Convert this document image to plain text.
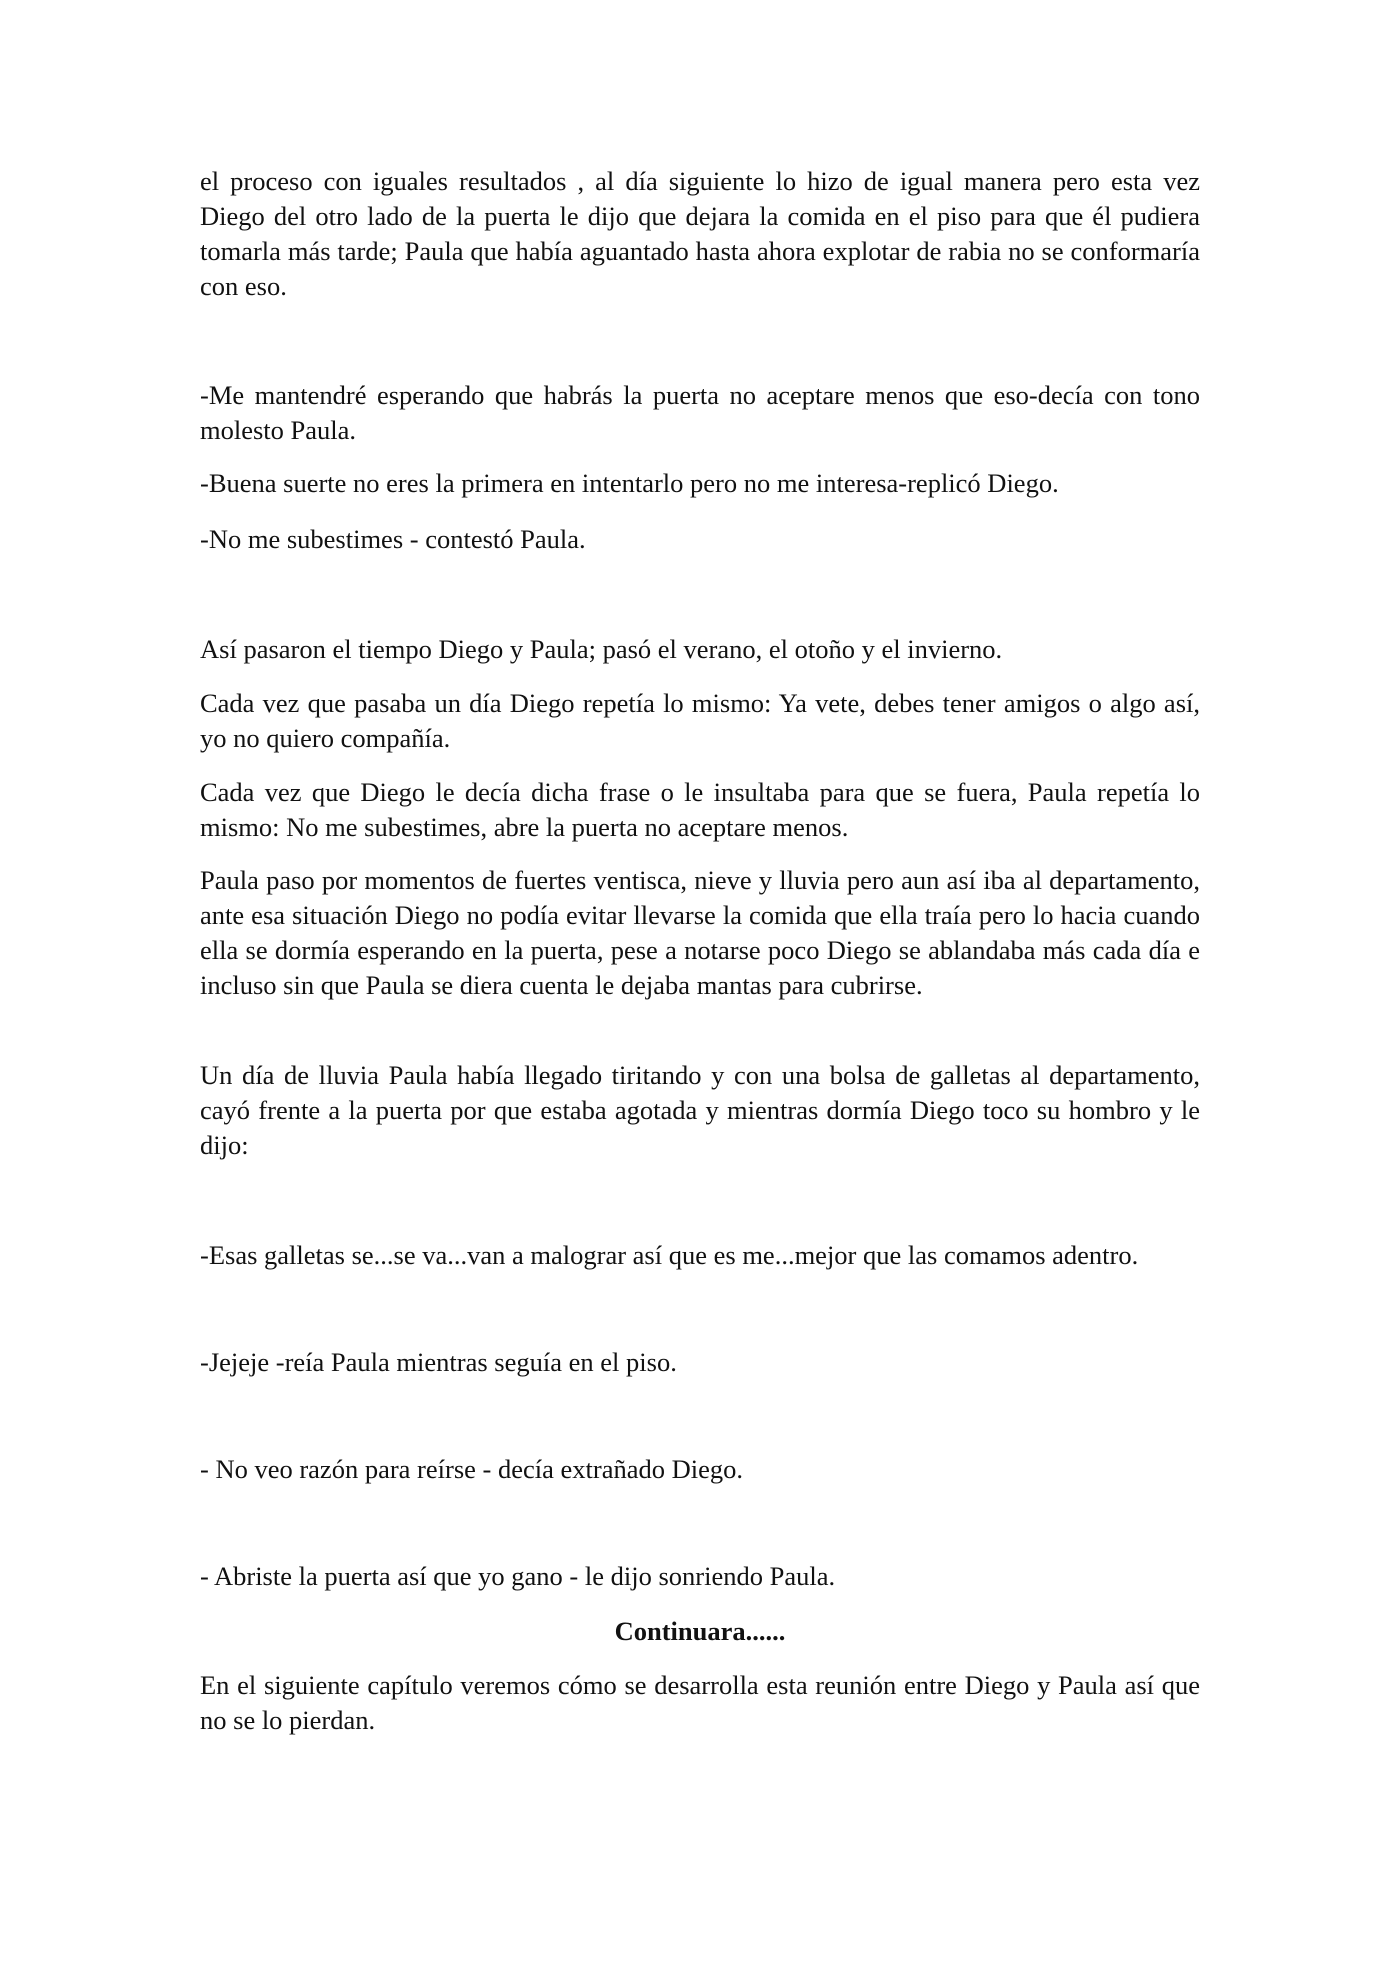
el proceso con iguales resultados , al día siguiente lo hizo de igual manera pero esta vez Diego del otro lado de la puerta le dijo que dejara la comida en el piso para que él pudiera tomarla más tarde; Paula que había aguantado hasta ahora explotar de rabia no se conformaría con eso.

-Me mantendré esperando que habrás la puerta no aceptare menos que eso-decía con tono molesto Paula.

-Buena suerte no eres la primera en intentarlo pero no me interesa-replicó Diego.

-No me subestimes - contestó Paula.

Así pasaron el tiempo Diego y Paula; pasó el verano, el otoño y el invierno.

Cada vez que pasaba un día Diego repetía lo mismo: Ya vete, debes tener amigos o algo así, yo no quiero compañía.

Cada vez que Diego le decía dicha frase o le insultaba para que se fuera, Paula repetía lo mismo: No me subestimes, abre la puerta no aceptare menos.

Paula paso por momentos de fuertes ventisca, nieve y lluvia pero aun así iba al departamento, ante esa situación Diego no podía evitar llevarse la comida que ella traía pero lo hacia cuando ella se dormía esperando en la puerta, pese a notarse poco Diego se ablandaba más cada día e incluso sin que Paula se diera cuenta le dejaba mantas para cubrirse.

Un día de lluvia Paula había llegado tiritando y con una bolsa de galletas al departamento, cayó frente a la puerta por que estaba agotada y mientras dormía Diego toco su hombro y le dijo:

-Esas galletas se...se va...van a malograr así que es me...mejor que las comamos adentro.

-Jejeje -reía Paula mientras seguía en el piso.

- No veo razón para reírse - decía extrañado Diego.

- Abriste la puerta así que yo gano - le dijo sonriendo Paula.

Continuara......

En el siguiente capítulo veremos cómo se desarrolla esta reunión entre Diego y Paula así que no se lo pierdan.
